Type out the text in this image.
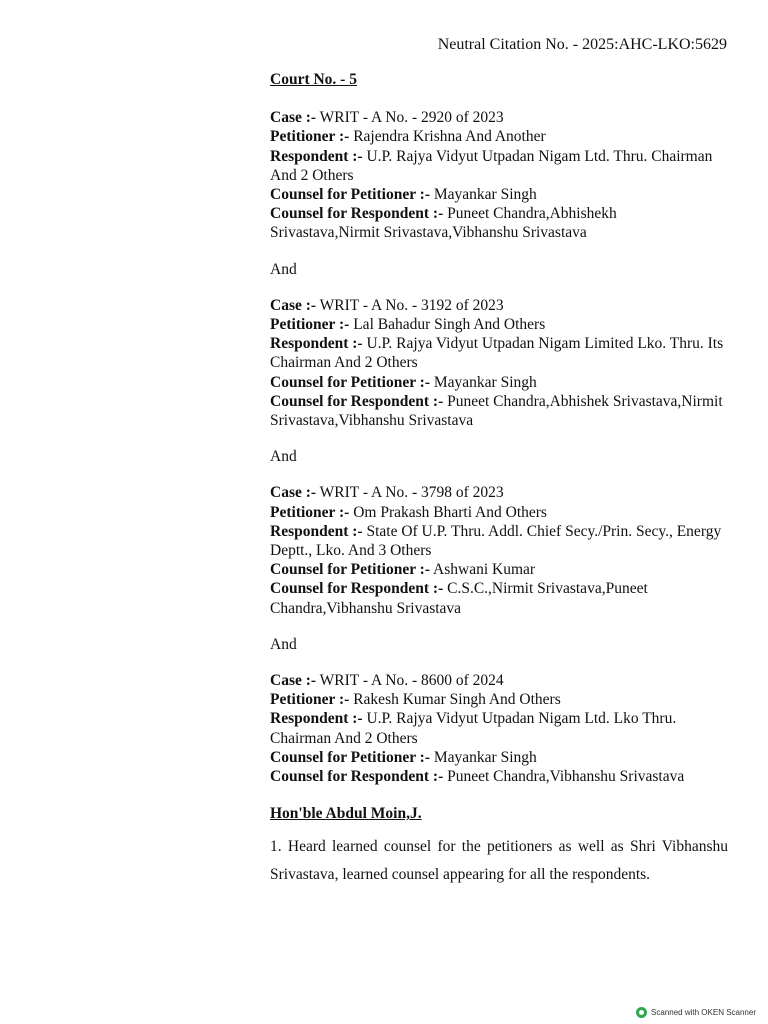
Neutral Citation No. - 2025:AHC-LKO:5629
Court No. - 5
Case :- WRIT - A No. - 2920 of 2023
Petitioner :- Rajendra Krishna And Another
Respondent :- U.P. Rajya Vidyut Utpadan Nigam Ltd. Thru. Chairman And 2 Others
Counsel for Petitioner :- Mayankar Singh
Counsel for Respondent :- Puneet Chandra,Abhishekh Srivastava,Nirmit Srivastava,Vibhanshu Srivastava
And
Case :- WRIT - A No. - 3192 of 2023
Petitioner :- Lal Bahadur Singh And Others
Respondent :- U.P. Rajya Vidyut Utpadan Nigam Limited Lko. Thru. Its Chairman And 2 Others
Counsel for Petitioner :- Mayankar Singh
Counsel for Respondent :- Puneet Chandra,Abhishek Srivastava,Nirmit Srivastava,Vibhanshu Srivastava
And
Case :- WRIT - A No. - 3798 of 2023
Petitioner :- Om Prakash Bharti And Others
Respondent :- State Of U.P. Thru. Addl. Chief Secy./Prin. Secy., Energy Deptt., Lko. And 3 Others
Counsel for Petitioner :- Ashwani Kumar
Counsel for Respondent :- C.S.C.,Nirmit Srivastava,Puneet Chandra,Vibhanshu Srivastava
And
Case :- WRIT - A No. - 8600 of 2024
Petitioner :- Rakesh Kumar Singh And Others
Respondent :- U.P. Rajya Vidyut Utpadan Nigam Ltd. Lko Thru. Chairman And 2 Others
Counsel for Petitioner :- Mayankar Singh
Counsel for Respondent :- Puneet Chandra,Vibhanshu Srivastava
Hon'ble Abdul Moin,J.

1. Heard learned counsel for the petitioners as well as Shri Vibhanshu Srivastava, learned counsel appearing for all the respondents.

Scanned with OKEN Scanner
